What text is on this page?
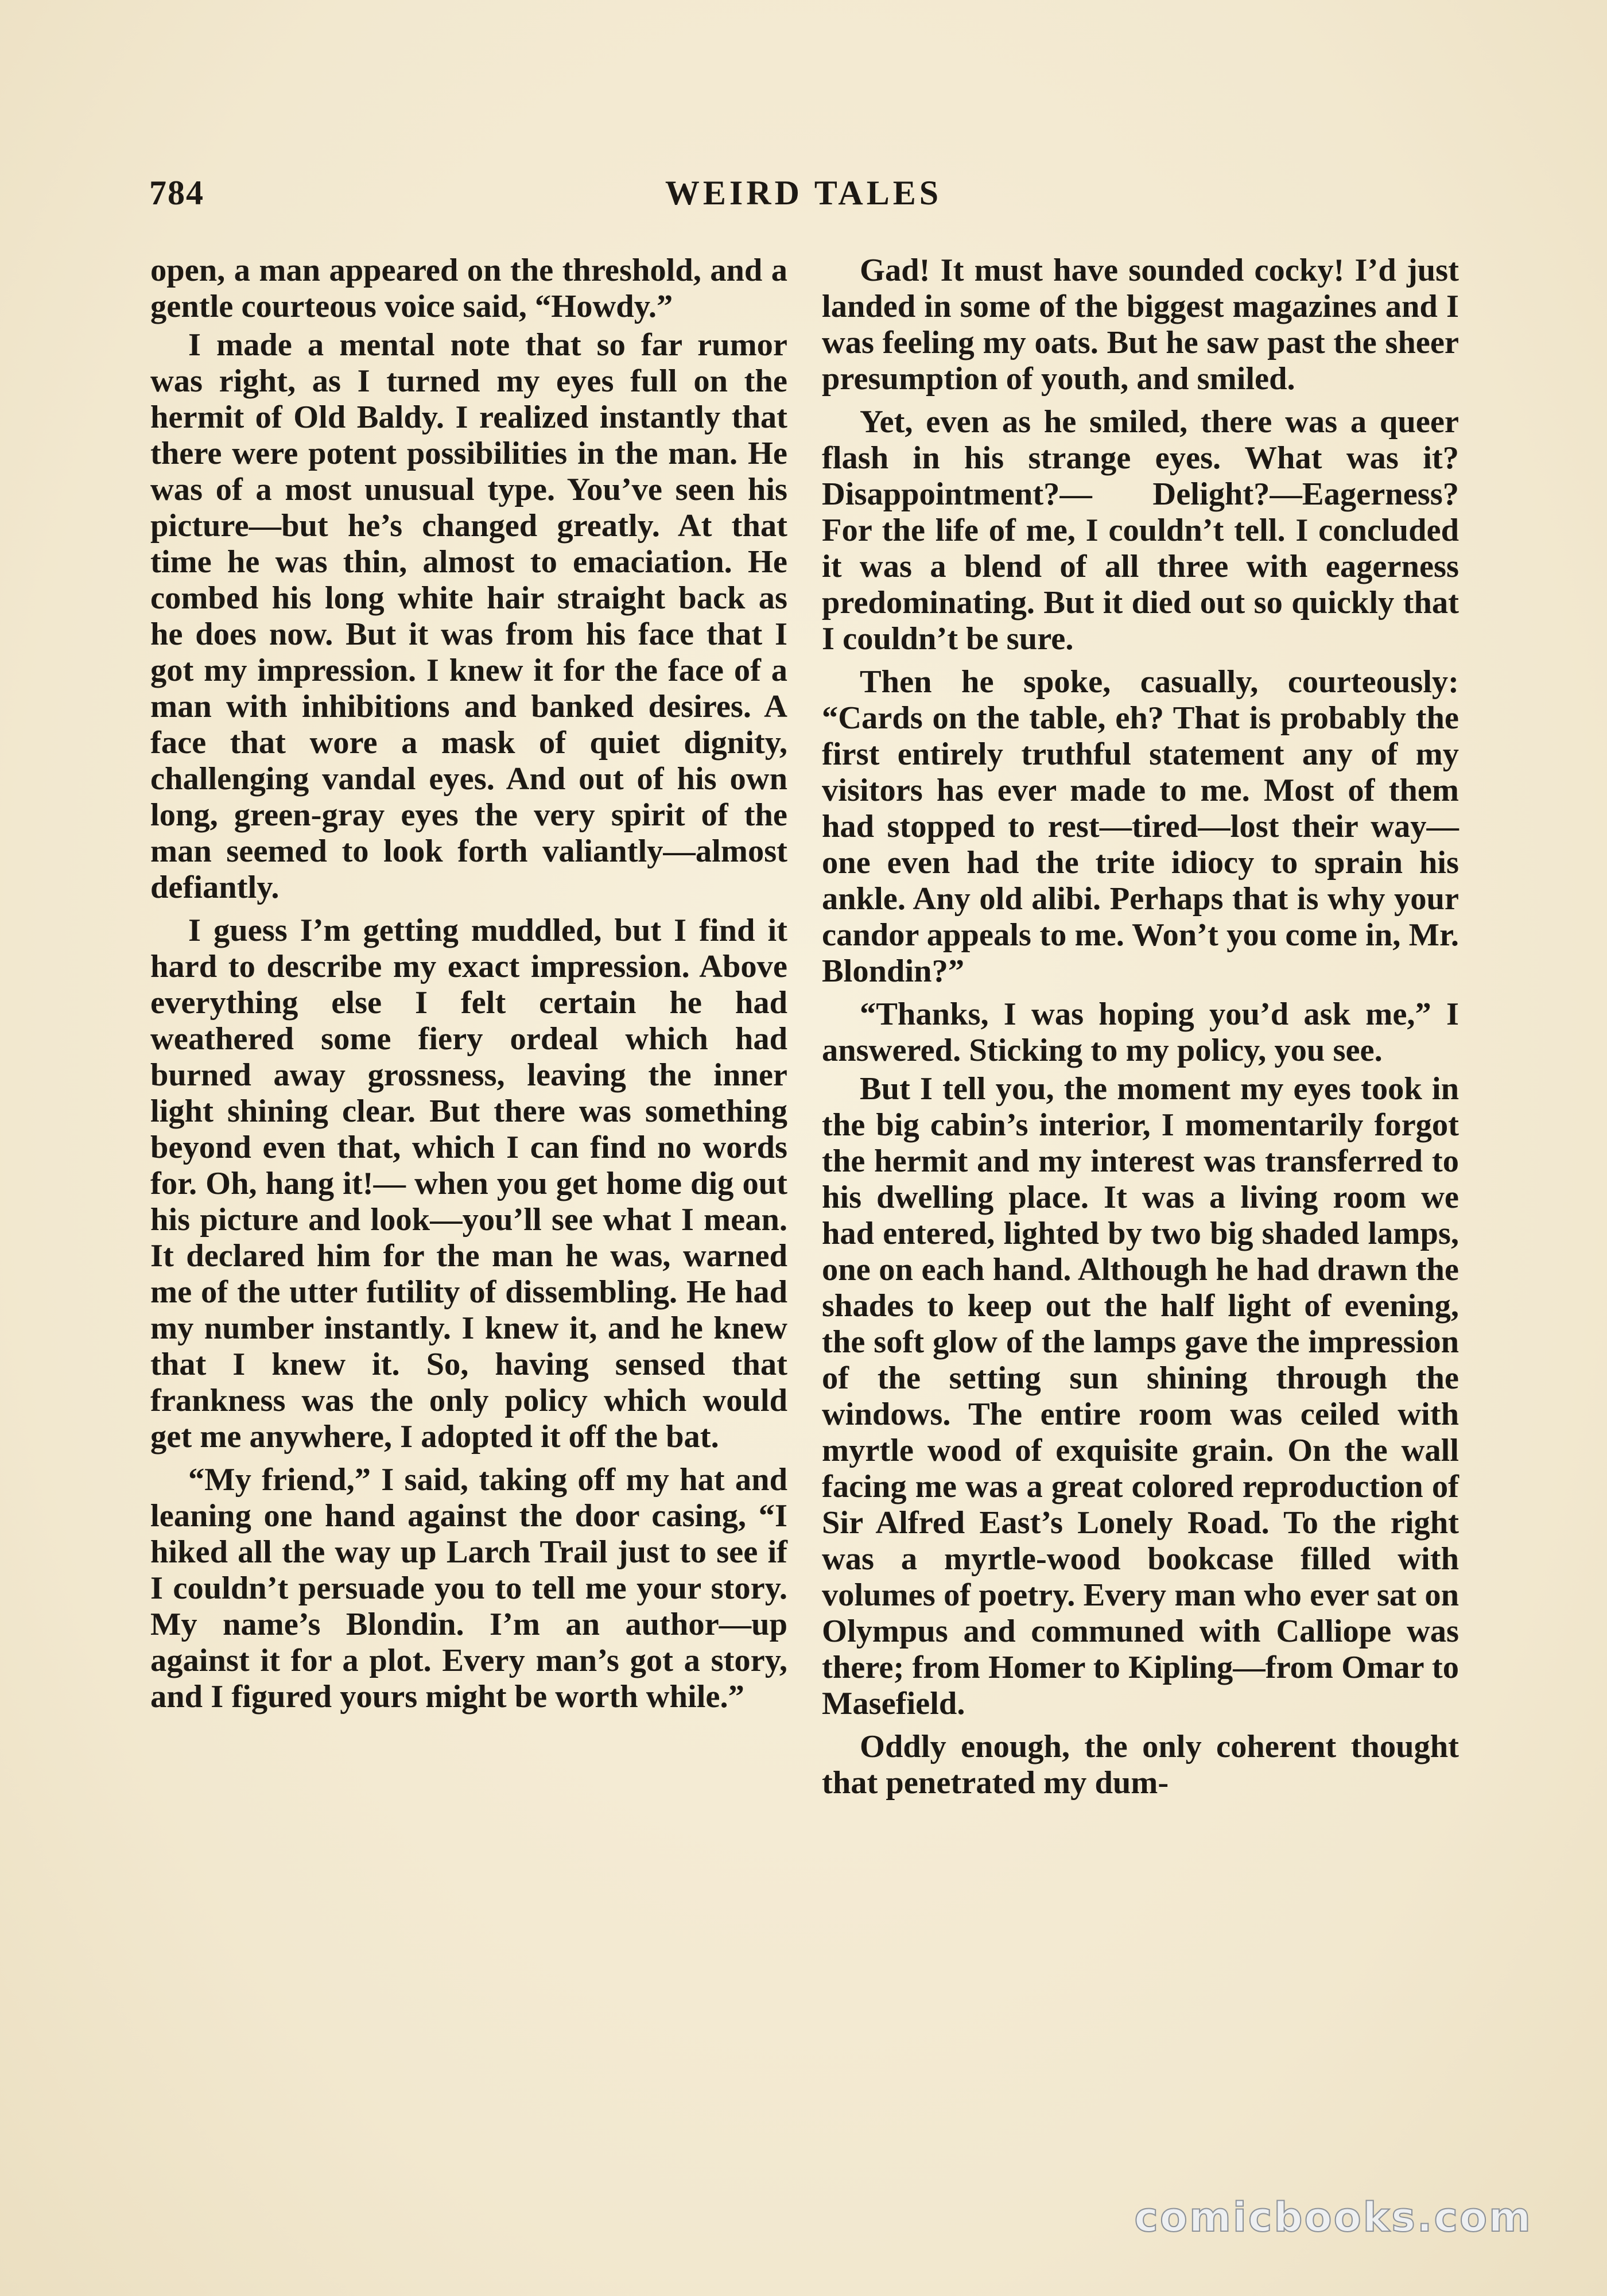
784	WEIRD TALES

open, a man appeared on the threshold, and a gentle courteous voice said, “Howdy.”

I made a mental note that so far rumor was right, as I turned my eyes full on the hermit of Old Baldy. I realized instantly that there were potent possibilities in the man. He was of a most unusual type. You’ve seen his picture—but he’s changed greatly. At that time he was thin, almost to emaciation. He combed his long white hair straight back as he does now. But it was from his face that I got my impression. I knew it for the face of a man with inhibitions and banked desires. A face that wore a mask of quiet dignity, challenging vandal eyes. And out of his own long, green-gray eyes the very spirit of the man seemed to look forth valiantly—almost defiantly.

I guess I’m getting muddled, but I find it hard to describe my exact impression. Above everything else I felt certain he had weathered some fiery ordeal which had burned away grossness, leaving the inner light shining clear. But there was something beyond even that, which I can find no words for. Oh, hang it!— when you get home dig out his picture and look—you’ll see what I mean. It declared him for the man he was, warned me of the utter futility of dissembling. He had my number instantly. I knew it, and he knew that I knew it. So, having sensed that frankness was the only policy which would get me anywhere, I adopted it off the bat.

“My friend,” I said, taking off my hat and leaning one hand against the door casing, “I hiked all the way up Larch Trail just to see if I couldn’t persuade you to tell me your story. My name’s Blondin. I’m an author—up against it for a plot. Every man’s got a story, and I figured yours might be worth while.”

Gad! It must have sounded cocky! I’d just landed in some of the biggest magazines and I was feeling my oats. But he saw past the sheer presumption of youth, and smiled.

Yet, even as he smiled, there was a queer flash in his strange eyes. What was it? Disappointment?— Delight?—Eagerness? For the life of me, I couldn’t tell. I concluded it was a blend of all three with eagerness predominating. But it died out so quickly that I couldn’t be sure.

Then he spoke, casually, courteously: “Cards on the table, eh? That is probably the first entirely truthful statement any of my visitors has ever made to me. Most of them had stopped to rest—tired—lost their way—one even had the trite idiocy to sprain his ankle. Any old alibi. Perhaps that is why your candor appeals to me. Won’t you come in, Mr. Blondin?”

“Thanks, I was hoping you’d ask me,” I answered. Sticking to my policy, you see.

But I tell you, the moment my eyes took in the big cabin’s interior, I momentarily forgot the hermit and my interest was transferred to his dwelling place. It was a living room we had entered, lighted by two big shaded lamps, one on each hand. Although he had drawn the shades to keep out the half light of evening, the soft glow of the lamps gave the impression of the setting sun shining through the windows. The entire room was ceiled with myrtle wood of exquisite grain. On the wall facing me was a great colored reproduction of Sir Alfred East’s Lonely Road. To the right was a myrtle-wood bookcase filled with volumes of poetry. Every man who ever sat on Olympus and communed with Calliope was there; from Homer to Kipling—from Omar to Masefield.

Oddly enough, the only coherent thought that penetrated my dum-

comicbooks.com
